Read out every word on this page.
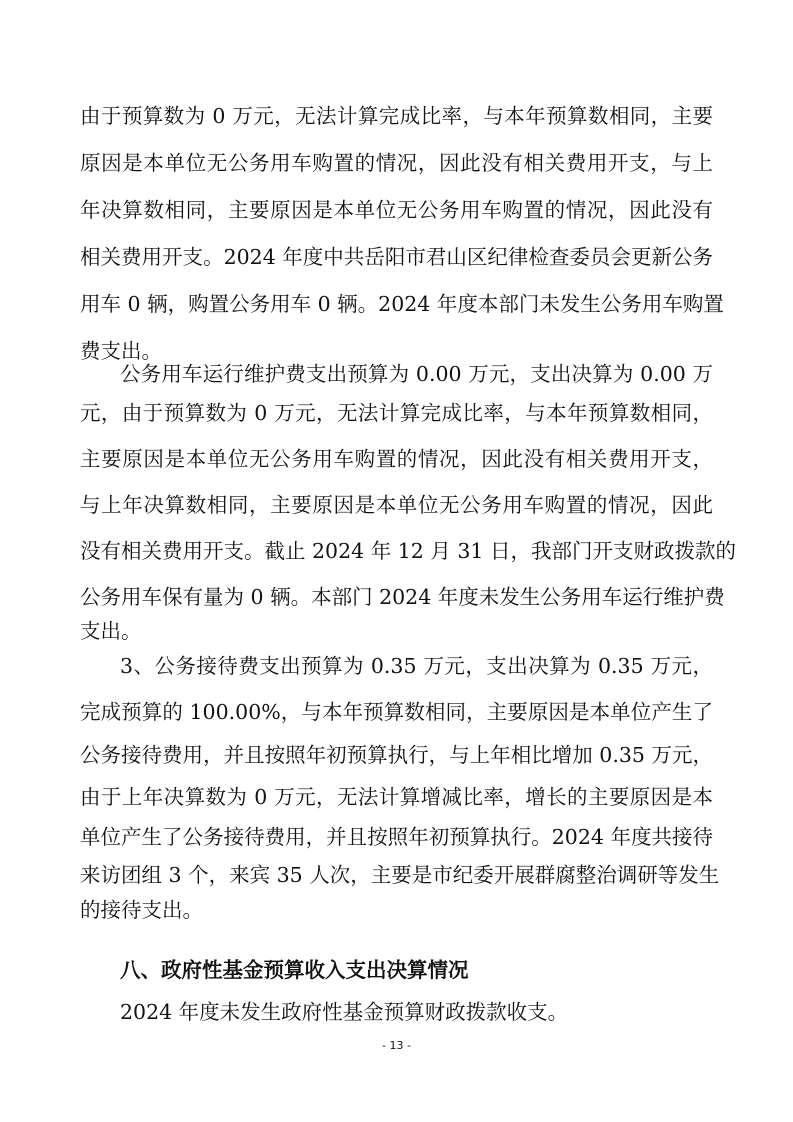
由于预算数为 0 万元，无法计算完成比率，与本年预算数相同，主要
原因是本单位无公务用车购置的情况，因此没有相关费用开支，与上
年决算数相同，主要原因是本单位无公务用车购置的情况，因此没有
相关费用开支。2024 年度中共岳阳市君山区纪律检查委员会更新公务
用车 0 辆，购置公务用车 0 辆。2024 年度本部门未发生公务用车购置
费支出。
公务用车运行维护费支出预算为 0.00 万元，支出决算为 0.00 万
元，由于预算数为 0 万元，无法计算完成比率，与本年预算数相同，
主要原因是本单位无公务用车购置的情况，因此没有相关费用开支，
与上年决算数相同，主要原因是本单位无公务用车购置的情况，因此
没有相关费用开支。截止 2024 年 12 月 31 日，我部门开支财政拨款的
公务用车保有量为 0 辆。本部门 2024 年度未发生公务用车运行维护费
支出。
3、公务接待费支出预算为 0.35 万元，支出决算为 0.35 万元，
完成预算的 100.00%，与本年预算数相同，主要原因是本单位产生了
公务接待费用，并且按照年初预算执行，与上年相比增加 0.35 万元，
由于上年决算数为 0 万元，无法计算增减比率，增长的主要原因是本
单位产生了公务接待费用，并且按照年初预算执行。2024 年度共接待
来访团组 3 个，来宾 35 人次，主要是市纪委开展群腐整治调研等发生
的接待支出。
八、政府性基金预算收入支出决算情况
2024 年度未发生政府性基金预算财政拨款收支。
- 13 -
